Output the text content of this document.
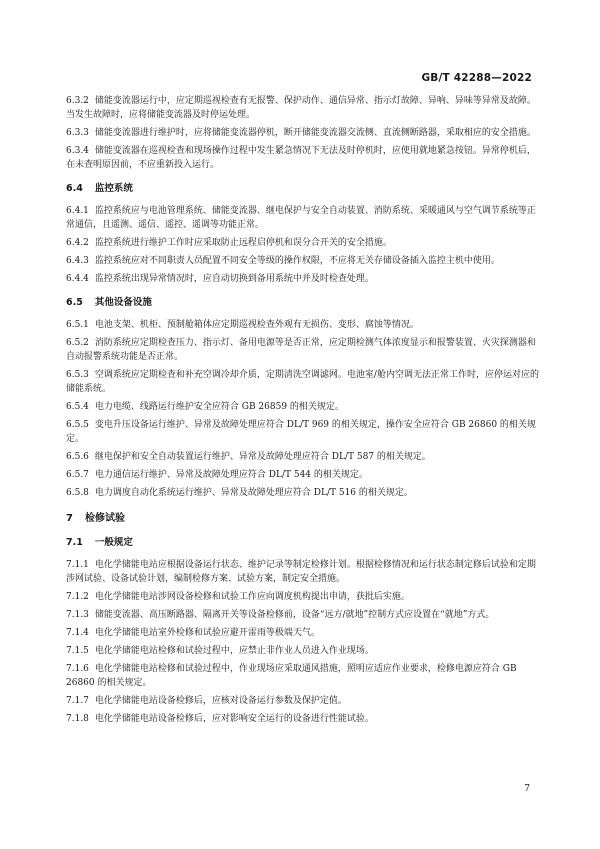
GB/T 42288—2022
6.3.2 储能变流器运行中，应定期巡视检查有无报警、保护动作、通信异常、指示灯故障、异响、异味等异常及故障。当发生故障时，应将储能变流器及时停运处理。
6.3.3 储能变流器进行维护时，应将储能变流器停机，断开储能变流器交流侧、直流侧断路器，采取相应的安全措施。
6.3.4 储能变流器在巡视检查和现场操作过程中发生紧急情况下无法及时停机时，应使用就地紧急按钮。异常停机后，在未查明原因前，不应重新投入运行。
6.4 监控系统
6.4.1 监控系统应与电池管理系统、储能变流器、继电保护与安全自动装置、消防系统、采暖通风与空气调节系统等正常通信，且遥测、遥信、遥控、遥调等功能正常。
6.4.2 监控系统进行维护工作时应采取防止远程启停机和误分合开关的安全措施。
6.4.3 监控系统应对不同职责人员配置不同安全等级的操作权限，不应将无关存储设备插入监控主机中使用。
6.4.4 监控系统出现异常情况时，应自动切换到备用系统中并及时检查处理。
6.5 其他设备设施
6.5.1 电池支架、机柜、预制舱箱体应定期巡视检查外观有无损伤、变形、腐蚀等情况。
6.5.2 消防系统应定期检查压力、指示灯、备用电源等是否正常，应定期检测气体浓度显示和报警装置、火灾探测器和自动报警系统功能是否正常。
6.5.3 空调系统应定期检查和补充空调冷却介质，定期清洗空调滤网。电池室/舱内空调无法正常工作时，应停运对应的储能系统。
6.5.4 电力电缆、线路运行维护安全应符合 GB 26859 的相关规定。
6.5.5 变电升压设备运行维护、异常及故障处理应符合 DL/T 969 的相关规定，操作安全应符合 GB 26860 的相关规定。
6.5.6 继电保护和安全自动装置运行维护、异常及故障处理应符合 DL/T 587 的相关规定。
6.5.7 电力通信运行维护、异常及故障处理应符合 DL/T 544 的相关规定。
6.5.8 电力调度自动化系统运行维护、异常及故障处理应符合 DL/T 516 的相关规定。
7 检修试验
7.1 一般规定
7.1.1 电化学储能电站应根据设备运行状态、维护记录等制定检修计划。根据检修情况和运行状态制定修后试验和定期涉网试验、设备试验计划，编制检修方案、试验方案，制定安全措施。
7.1.2 电化学储能电站涉网设备检修和试验工作应向调度机构提出申请，获批后实施。
7.1.3 储能变流器、高压断路器、隔离开关等设备检修前，设备“远方/就地”控制方式应设置在“就地”方式。
7.1.4 电化学储能电站室外检修和试验应避开雷雨等极端天气。
7.1.5 电化学储能电站检修和试验过程中，应禁止非作业人员进入作业现场。
7.1.6 电化学储能电站检修和试验过程中，作业现场应采取通风措施，照明应适应作业要求，检修电源应符合 GB 26860 的相关规定。
7.1.7 电化学储能电站设备检修后，应核对设备运行参数及保护定值。
7.1.8 电化学储能电站设备检修后，应对影响安全运行的设备进行性能试验。
7
